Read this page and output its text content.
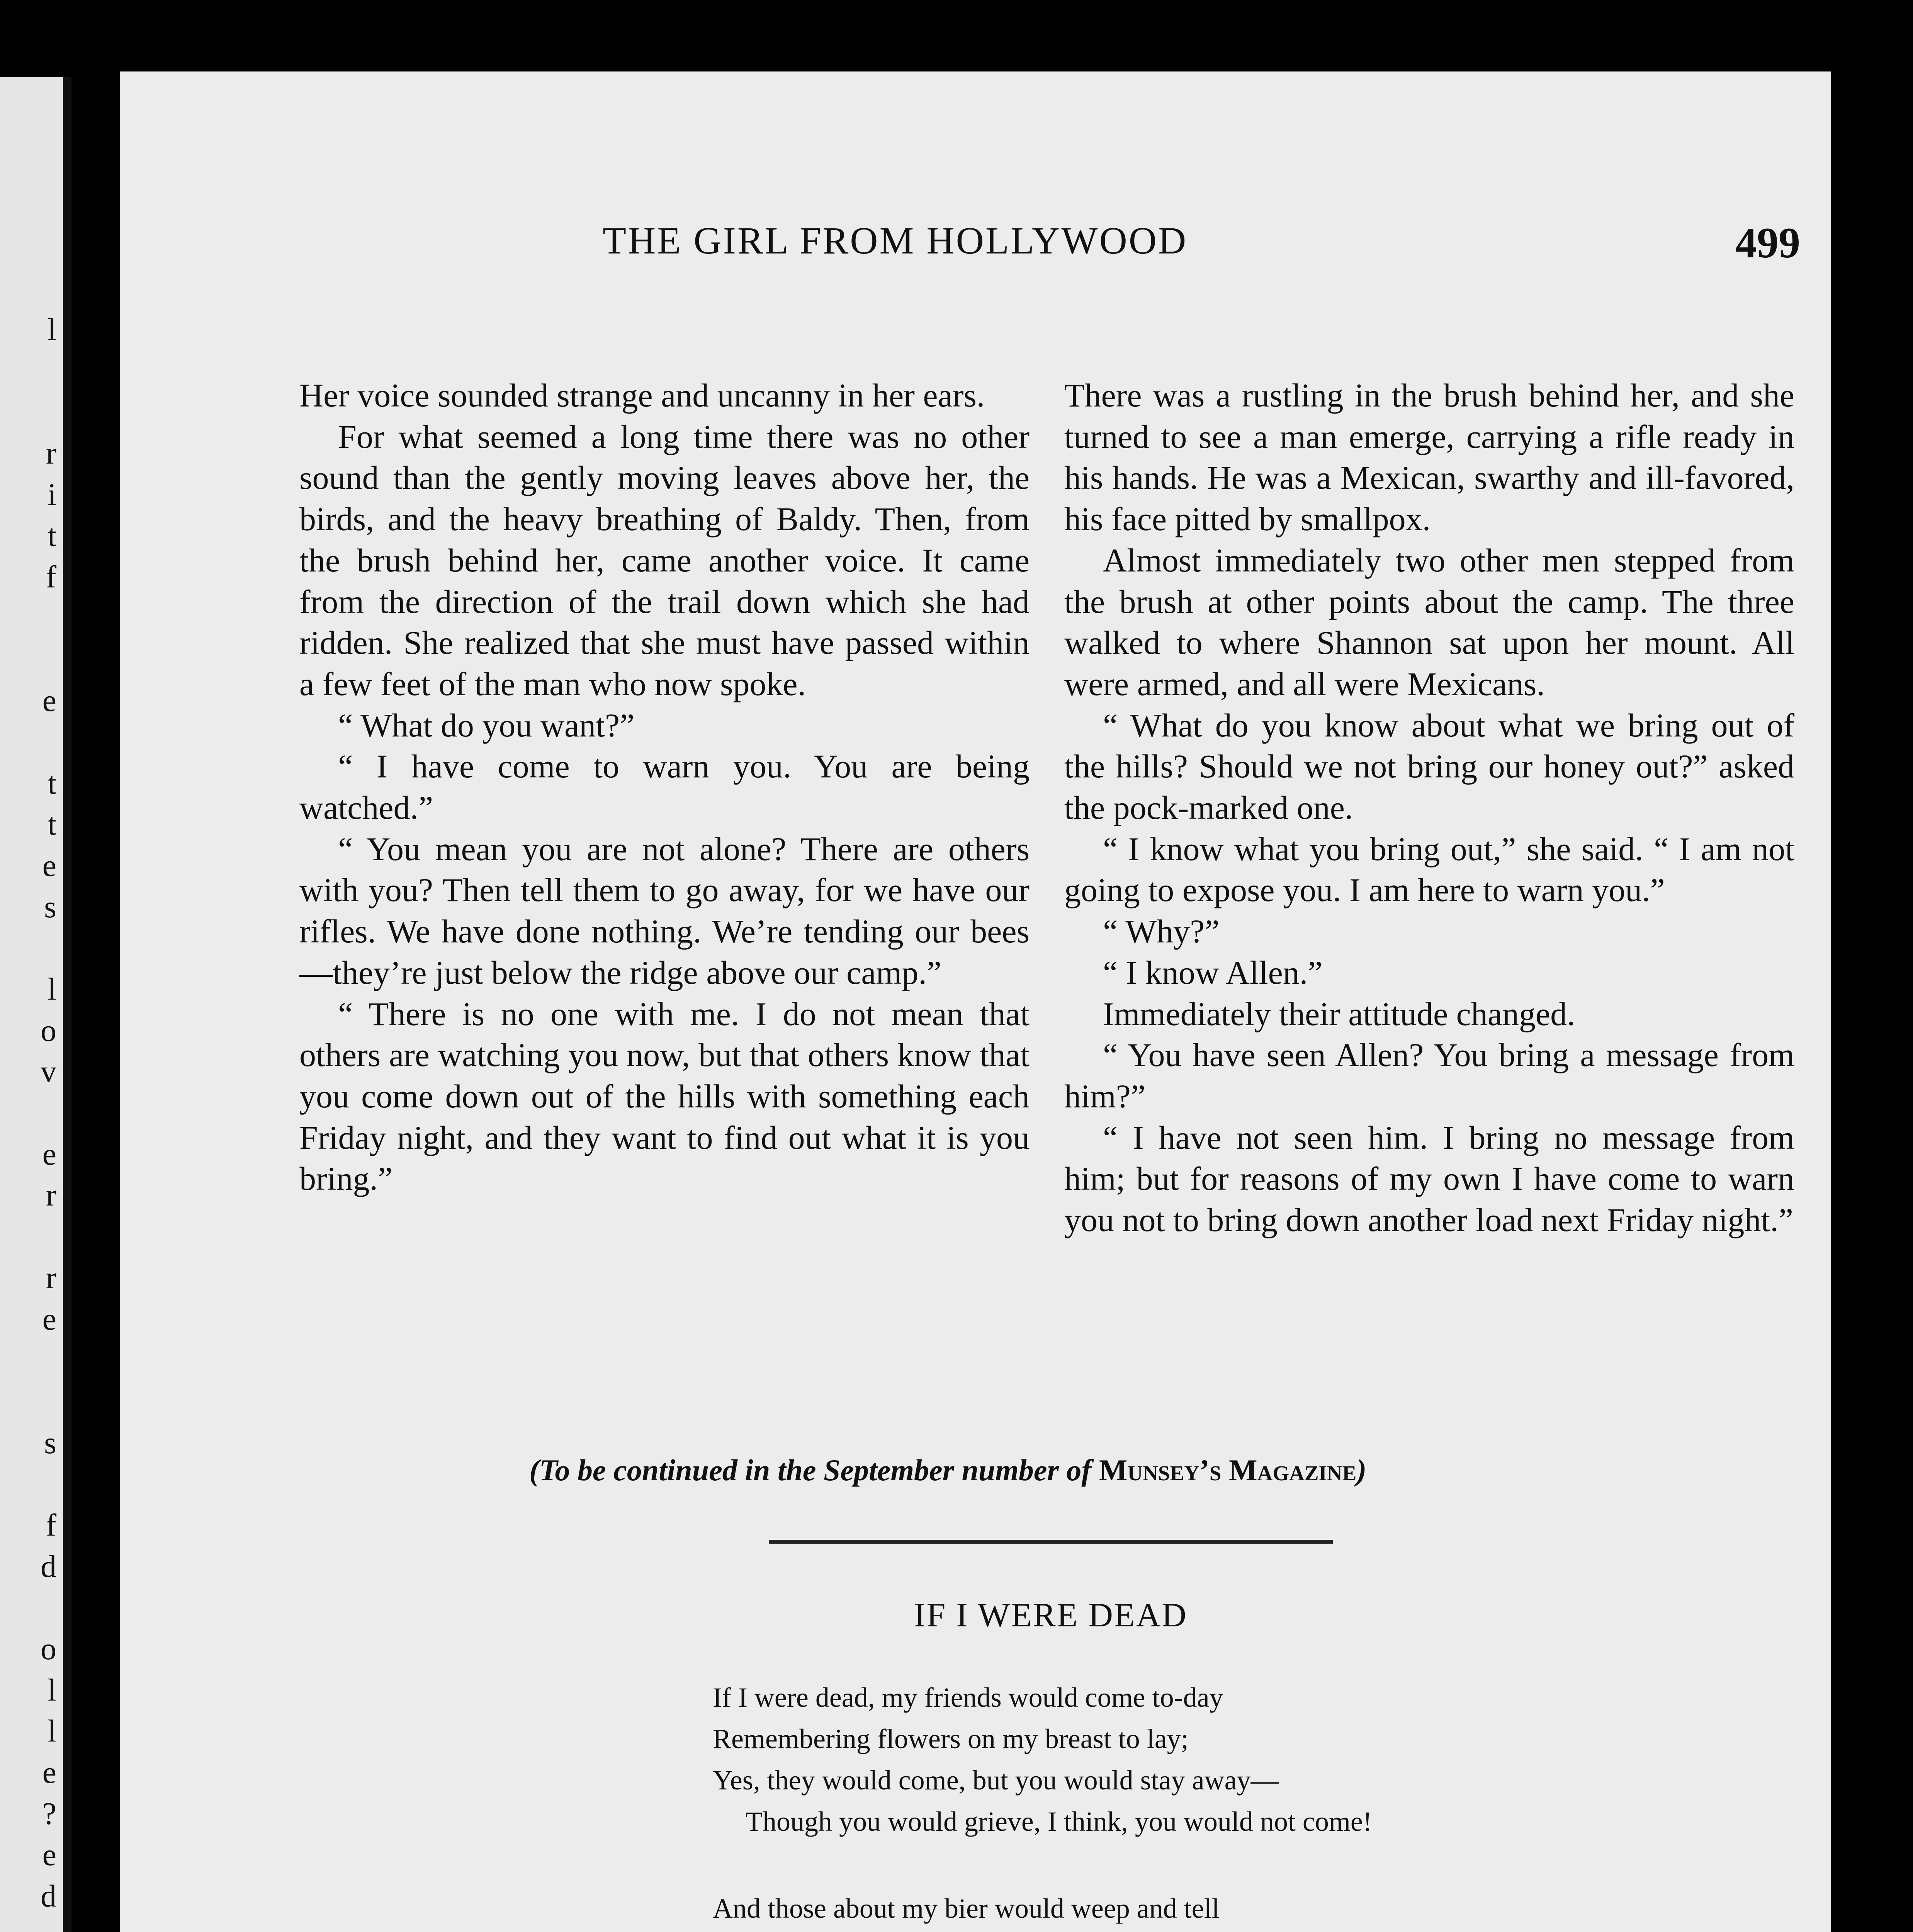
l
r
i
t
f
e
t
t
e
s
l
o
v
e
r
r
e
s
f
d
o
l
l
e
?
e
d
THE GIRL FROM HOLLYWOOD	499

Her voice sounded strange and uncanny in her ears.

For what seemed a long time there was no other sound than the gently moving leaves above her, the birds, and the heavy breathing of Baldy. Then, from the brush behind her, came another voice. It came from the direction of the trail down which she had ridden. She realized that she must have passed within a few feet of the man who now spoke.

“ What do you want?”

“ I have come to warn you. You are being watched.”

“ You mean you are not alone? There are others with you? Then tell them to go away, for we have our rifles. We have done nothing. We’re tending our bees—they’re just below the ridge above our camp.”

“ There is no one with me. I do not mean that others are watching you now, but that others know that you come down out of the hills with something each Friday night, and they want to find out what it is you bring.”

There was a rustling in the brush behind her, and she turned to see a man emerge, carrying a rifle ready in his hands. He was a Mexican, swarthy and ill-favored, his face pitted by smallpox.

Almost immediately two other men stepped from the brush at other points about the camp. The three walked to where Shannon sat upon her mount. All were armed, and all were Mexicans.

“ What do you know about what we bring out of the hills? Should we not bring our honey out?” asked the pock-marked one.

“ I know what you bring out,” she said. “ I am not going to expose you. I am here to warn you.”

“ Why?”

“ I know Allen.”

Immediately their attitude changed.

“ You have seen Allen? You bring a message from him?”

“ I have not seen him. I bring no message from him; but for reasons of my own I have come to warn you not to bring down another load next Friday night.”

(To be continued in the September number of Munsey’s Magazine)
IF I WERE DEAD
If I were dead, my friends would come to-day
Remembering flowers on my breast to lay;
Yes, they would come, but you would stay away—
Though you would grieve, I think, you would not come!
And those about my bier would weep and tell
